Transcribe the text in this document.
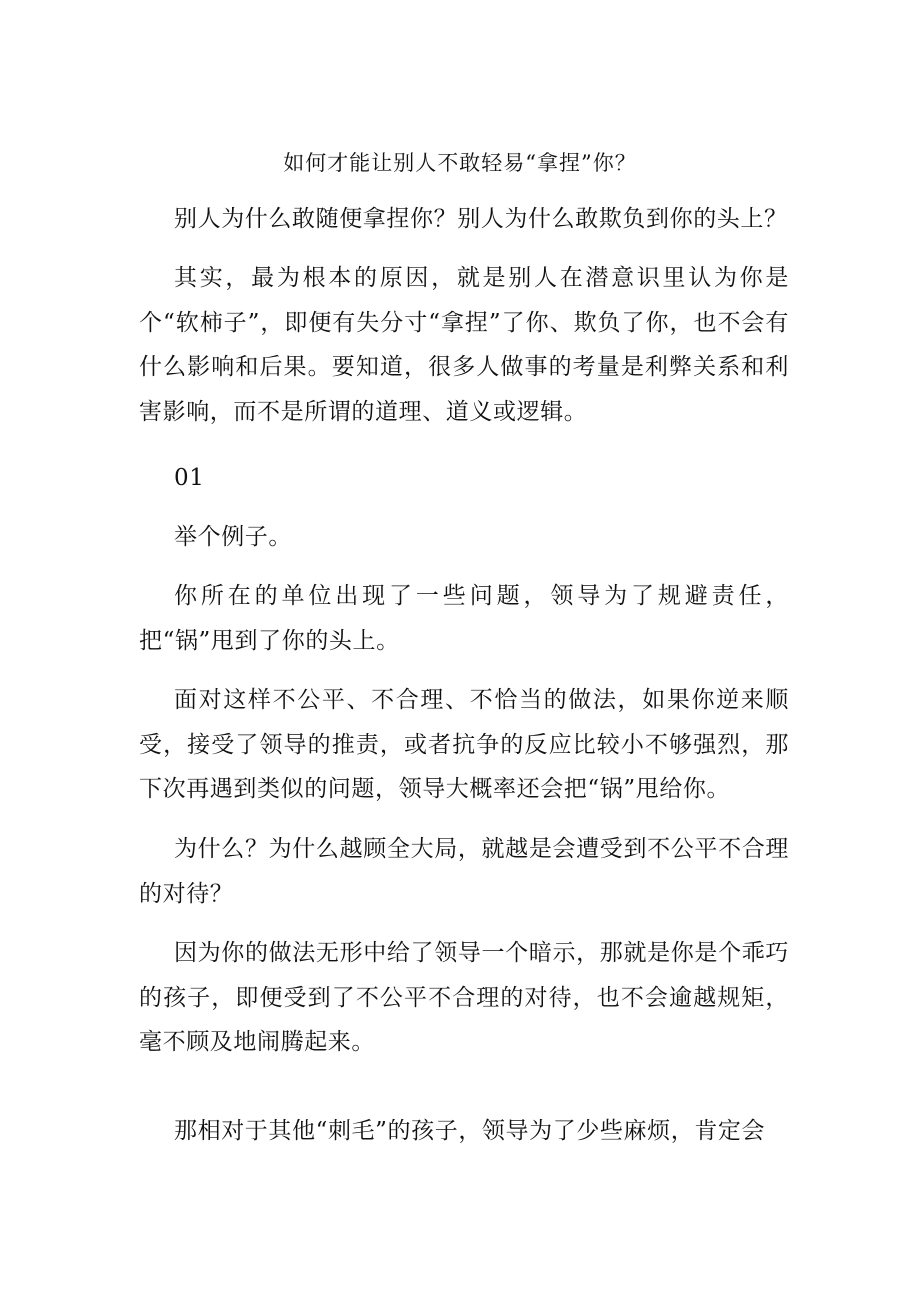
如何才能让别人不敢轻易“拿捏”你？

别人为什么敢随便拿捏你？别人为什么敢欺负到你的头上？

其实，最为根本的原因，就是别人在潜意识里认为你是个“软柿子”，即便有失分寸“拿捏”了你、欺负了你，也不会有什么影响和后果。要知道，很多人做事的考量是利弊关系和利害影响，而不是所谓的道理、道义或逻辑。

01

举个例子。

你所在的单位出现了一些问题，领导为了规避责任，把“锅”甩到了你的头上。

面对这样不公平、不合理、不恰当的做法，如果你逆来顺受，接受了领导的推责，或者抗争的反应比较小不够强烈，那下次再遇到类似的问题，领导大概率还会把“锅”甩给你。

为什么？为什么越顾全大局，就越是会遭受到不公平不合理的对待？

因为你的做法无形中给了领导一个暗示，那就是你是个乖巧的孩子，即便受到了不公平不合理的对待，也不会逾越规矩，毫不顾及地闹腾起来。

那相对于其他“刺毛”的孩子，领导为了少些麻烦，肯定会
